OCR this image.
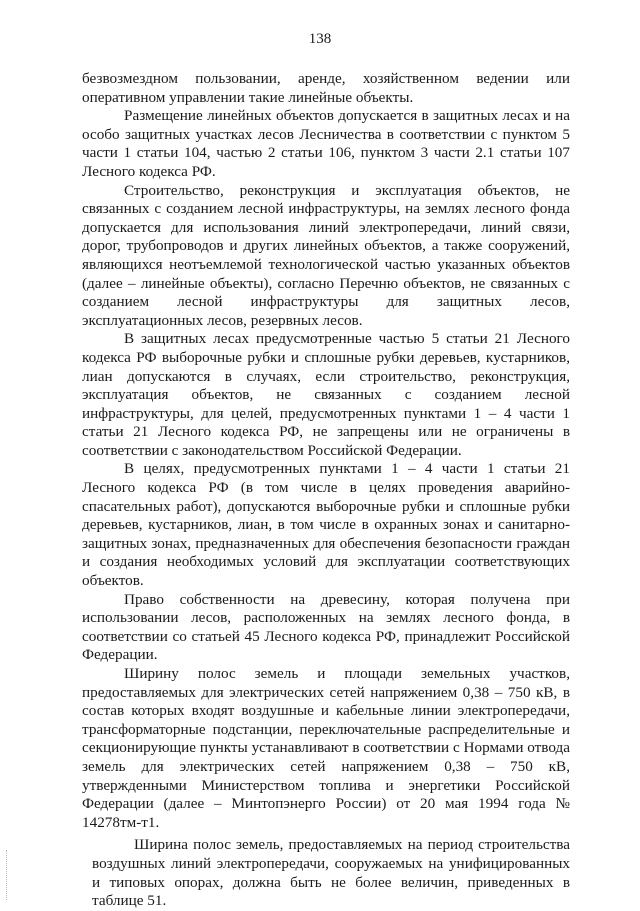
138

безвозмездном пользовании, аренде, хозяйственном ведении или оперативном управлении такие линейные объекты.

Размещение линейных объектов допускается в защитных лесах и на особо защитных участках лесов Лесничества в соответствии с пунктом 5 части 1 статьи 104, частью 2 статьи 106, пунктом 3 части 2.1 статьи 107 Лесного кодекса РФ.

Строительство, реконструкция и эксплуатация объектов, не связанных с созданием лесной инфраструктуры, на землях лесного фонда допускается для использования линий электропередачи, линий связи, дорог, трубопроводов и других линейных объектов, а также сооружений, являющихся неотъемлемой технологической частью указанных объектов (далее – линейные объекты), согласно Перечню объектов, не связанных с созданием лесной инфраструктуры для защитных лесов, эксплуатационных лесов, резервных лесов.

В защитных лесах предусмотренные частью 5 статьи 21 Лесного кодекса РФ выборочные рубки и сплошные рубки деревьев, кустарников, лиан допускаются в случаях, если строительство, реконструкция, эксплуатация объектов, не связанных с созданием лесной инфраструктуры, для целей, предусмотренных пунктами 1 – 4 части 1 статьи 21 Лесного кодекса РФ, не запрещены или не ограничены в соответствии с законодательством Российской Федерации.

В целях, предусмотренных пунктами 1 – 4 части 1 статьи 21 Лесного кодекса РФ (в том числе в целях проведения аварийно-спасательных работ), допускаются выборочные рубки и сплошные рубки деревьев, кустарников, лиан, в том числе в охранных зонах и санитарно-защитных зонах, предназначенных для обеспечения безопасности граждан и создания необходимых условий для эксплуатации соответствующих объектов.

Право собственности на древесину, которая получена при использовании лесов, расположенных на землях лесного фонда, в соответствии со статьей 45 Лесного кодекса РФ, принадлежит Российской Федерации.

Ширину полос земель и площади земельных участков, предоставляемых для электрических сетей напряжением 0,38 – 750 кВ, в состав которых входят воздушные и кабельные линии электропередачи, трансформаторные подстанции, переключательные распределительные и секционирующие пункты устанавливают в соответствии с Нормами отвода земель для электрических сетей напряжением 0,38 – 750 кВ, утвержденными Министерством топлива и энергетики Российской Федерации (далее – Минтопэнерго России) от 20 мая 1994 года № 14278тм-т1.

Ширина полос земель, предоставляемых на период строительства воздушных линий электропередачи, сооружаемых на унифицированных и типовых опорах, должна быть не более величин, приведенных в таблице 51.
